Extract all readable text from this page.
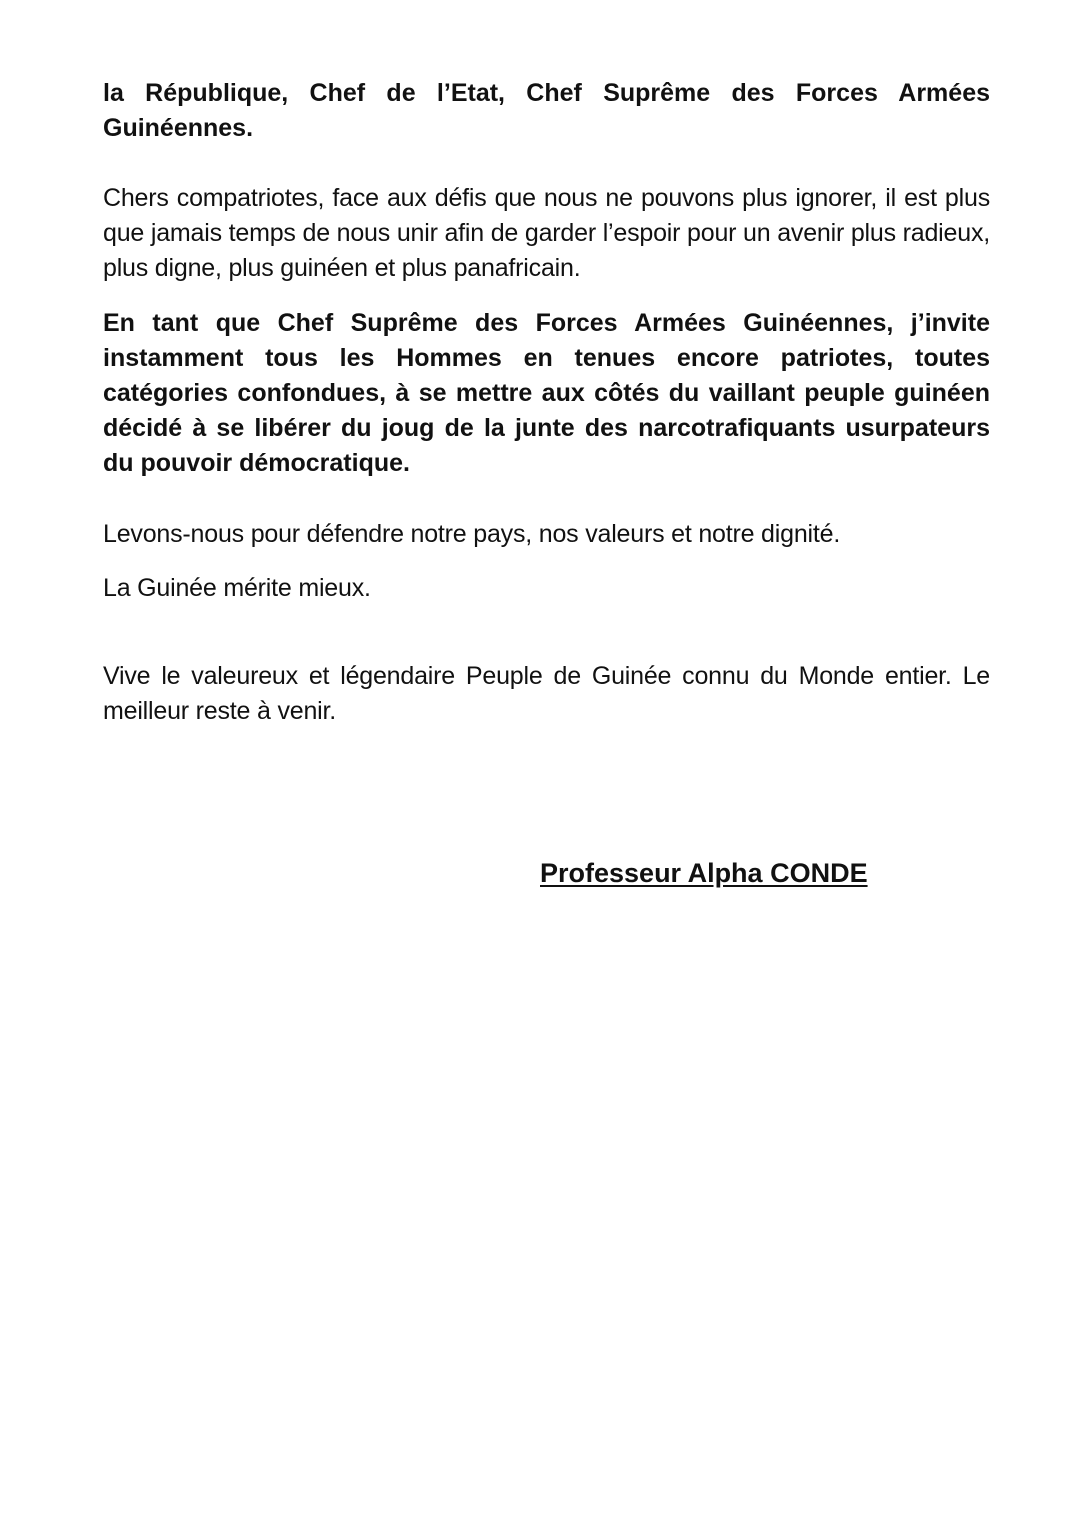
la République, Chef de l’Etat, Chef Suprême des Forces Armées Guinéennes.

Chers compatriotes, face aux défis que nous ne pouvons plus ignorer, il est plus que jamais temps de nous unir afin de garder l’espoir pour un avenir plus radieux, plus digne, plus guinéen et plus panafricain.

En tant que Chef Suprême des Forces Armées Guinéennes, j’invite instamment tous les Hommes en tenues encore patriotes, toutes catégories confondues, à se mettre aux côtés du vaillant peuple guinéen décidé à se libérer du joug de la junte des narcotrafiquants usurpateurs du pouvoir démocratique.

Levons-nous pour défendre notre pays, nos valeurs et notre dignité.

La Guinée mérite mieux.

Vive le valeureux et légendaire Peuple de Guinée connu du Monde entier. Le meilleur reste à venir.

Professeur Alpha CONDE
